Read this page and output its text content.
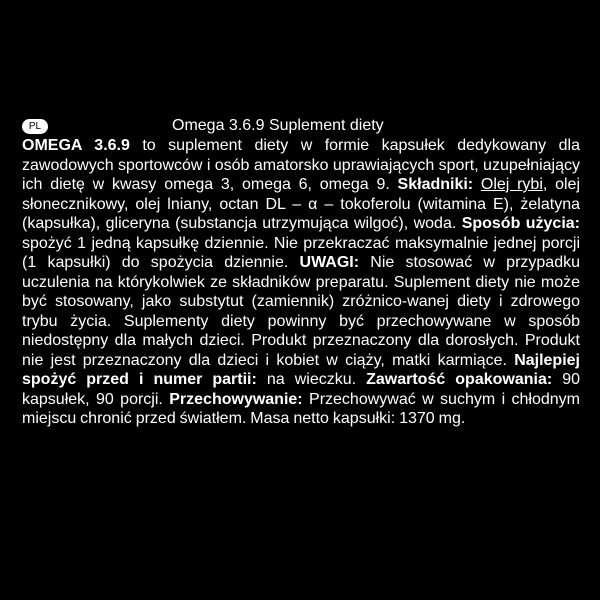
PL	Omega 3.6.9 Suplement diety

OMEGA 3.6.9 to suplement diety w formie kapsułek dedykowany dla zawodowych sportowców i osób amatorsko uprawiających sport, uzupełniający ich dietę w kwasy omega 3, omega 6, omega 9. Składniki: Olej rybi, olej słonecznikowy, olej lniany, octan DL – α – tokoferolu (witamina E), żelatyna (kapsułka), gliceryna (substancja utrzymująca wilgoć), woda. Sposób użycia: spożyć 1 jedną kapsułkę dziennie. Nie przekraczać maksymalnie jednej porcji (1 kapsułki) do spożycia dziennie. UWAGI: Nie stosować w przypadku uczulenia na którykolwiek ze składników preparatu. Suplement diety nie może być stosowany, jako substytut (zamiennik) zróżnico-wanej diety i zdrowego trybu życia. Suplementy diety powinny być przechowywane w sposób niedostępny dla małych dzieci. Produkt przeznaczony dla dorosłych. Produkt nie jest przeznaczony dla dzieci i kobiet w ciąży, matki karmiące. Najlepiej spożyć przed i numer partii: na wieczku. Zawartość opakowania: 90 kapsułek, 90 porcji. Przechowywanie: Przechowywać w suchym i chłodnym miejscu chronić przed światłem. Masa netto kapsułki: 1370 mg.
